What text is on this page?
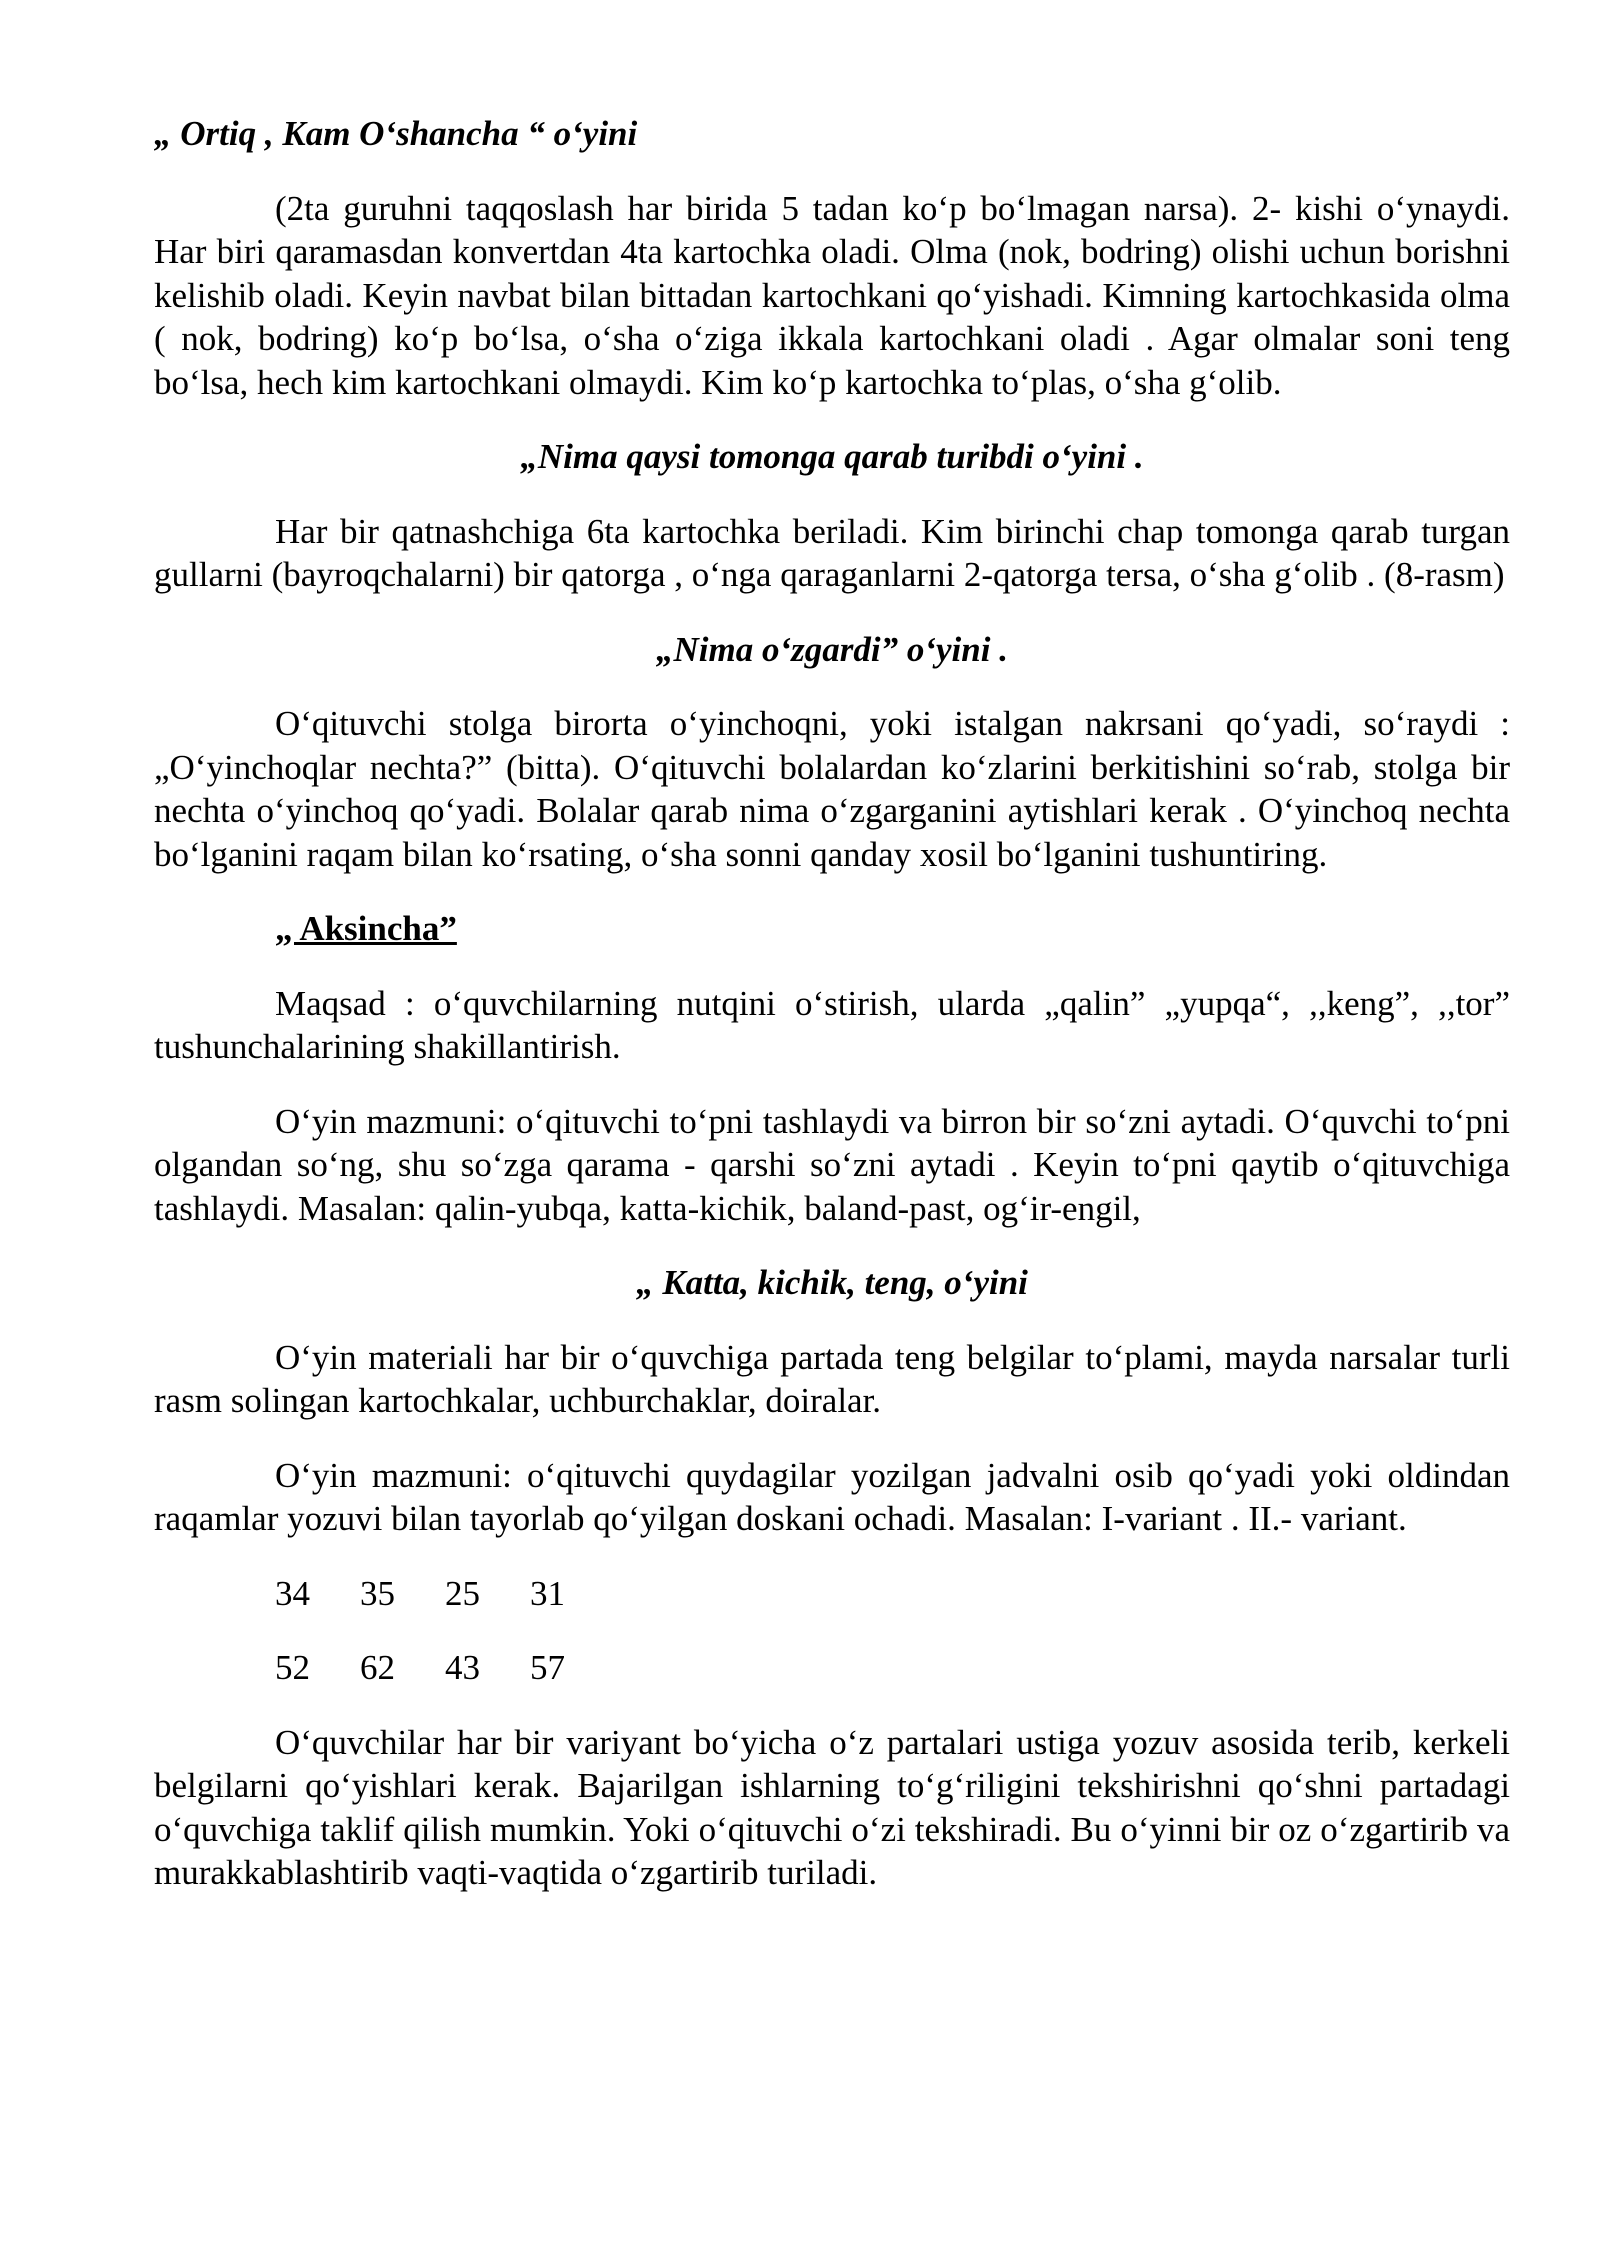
„ Ortiq , Kam O‘shancha “ o‘yini

(2ta guruhni taqqoslash har birida 5 tadan ko‘p bo‘lmagan narsa). 2- kishi o‘ynaydi. Har biri qaramasdan konvertdan 4ta kartochka oladi. Olma (nok, bodring) olishi uchun borishni kelishib oladi. Keyin navbat bilan bittadan kartochkani qo‘yishadi. Kimning kartochkasida olma ( nok, bodring) ko‘p bo‘lsa, o‘sha o‘ziga ikkala kartochkani oladi . Agar olmalar soni teng bo‘lsa, hech kim kartochkani olmaydi. Kim ko‘p kartochka to‘plas, o‘sha g‘olib.

„Nima qaysi tomonga qarab turibdi o‘yini .

Har bir qatnashchiga 6ta kartochka beriladi. Kim birinchi chap tomonga qarab turgan gullarni (bayroqchalarni) bir qatorga , o‘nga qaraganlarni 2-qatorga tersa, o‘sha g‘olib . (8-rasm)

„Nima o‘zgardi” o‘yini .

O‘qituvchi stolga birorta o‘yinchoqni, yoki istalgan nakrsani qo‘yadi, so‘raydi : „O‘yinchoqlar nechta?” (bitta). O‘qituvchi bolalardan ko‘zlarini berkitishini so‘rab, stolga bir nechta o‘yinchoq qo‘yadi. Bolalar qarab nima o‘zgarganini aytishlari kerak . O‘yinchoq nechta bo‘lganini raqam bilan ko‘rsating, o‘sha sonni qanday xosil bo‘lganini tushuntiring.

„ Aksincha”

Maqsad : o‘quvchilarning nutqini o‘stirish, ularda „qalin” „yupqa“, ,,keng”, ,,tor” tushunchalarining shakillantirish.

O‘yin mazmuni: o‘qituvchi to‘pni tashlaydi va birron bir so‘zni aytadi. O‘quvchi to‘pni olgandan so‘ng, shu so‘zga qarama - qarshi so‘zni aytadi . Keyin to‘pni qaytib o‘qituvchiga tashlaydi. Masalan: qalin-yubqa, katta-kichik, baland-past, og‘ir-engil,

„ Katta, kichik, teng, o‘yini

O‘yin materiali har bir o‘quvchiga partada teng belgilar to‘plami, mayda narsalar turli rasm solingan kartochkalar, uchburchaklar, doiralar.

O‘yin mazmuni: o‘qituvchi quydagilar yozilgan jadvalni osib qo‘yadi yoki oldindan raqamlar yozuvi bilan tayorlab qo‘yilgan doskani ochadi. Masalan: I-variant . II.- variant.

34	35	25	31
52	62	43	57

O‘quvchilar har bir variyant bo‘yicha o‘z partalari ustiga yozuv asosida terib, kerkeli belgilarni qo‘yishlari kerak. Bajarilgan ishlarning to‘g‘riligini tekshirishni qo‘shni partadagi o‘quvchiga taklif qilish mumkin. Yoki o‘qituvchi o‘zi tekshiradi. Bu o‘yinni bir oz o‘zgartirib va murakkablashtirib vaqti-vaqtida o‘zgartirib turiladi.
